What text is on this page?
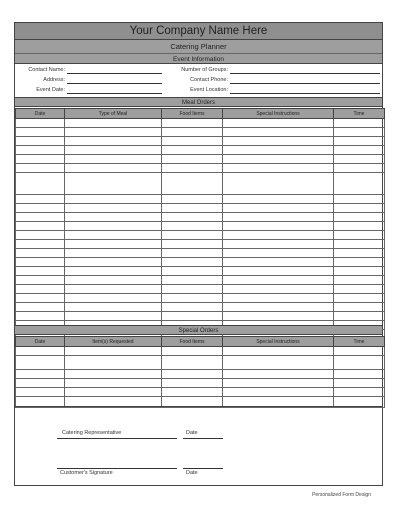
Your Company Name Here
Catering Planner
Event Information
Contact Name:
Address:
Event Date:
Number of Groups:
Contact Phone:
Event Location:
Meal Orders
Date	Type of Meal	Food Items	Special Instructions	Time

Special Orders
Date	Item(s) Requested	Food Items	Special Instructions	Time

Catering Representative	Date
Customer's Signature	Date
Personalized Form Design
